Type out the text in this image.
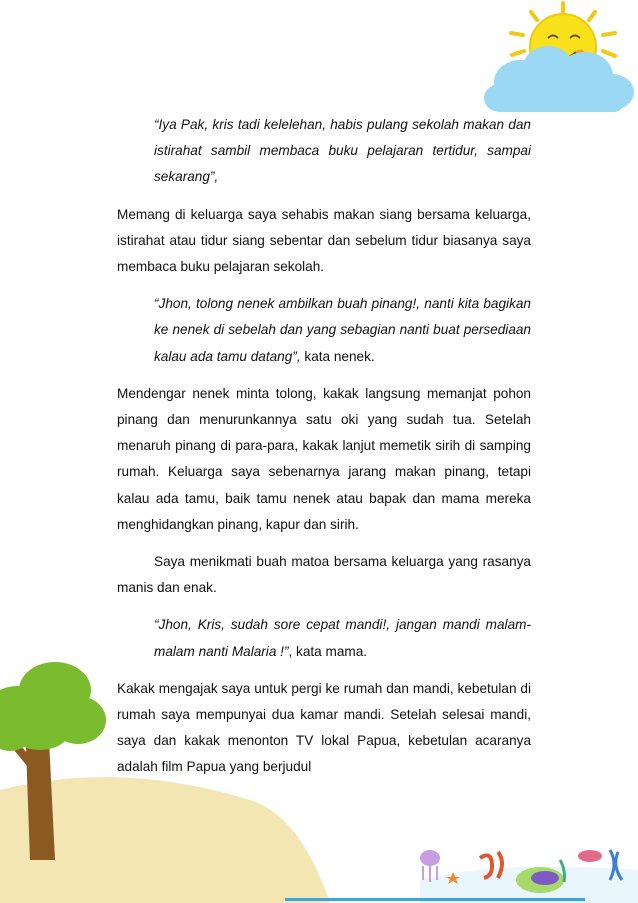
“Iya Pak, kris tadi kelelehan, habis pulang sekolah makan dan istirahat sambil membaca buku pelajaran tertidur, sampai sekarang”,

Memang di keluarga saya sehabis makan siang bersama keluarga, istirahat atau tidur siang sebentar dan sebelum tidur biasanya saya membaca buku pelajaran sekolah.

“Jhon, tolong nenek ambilkan buah pinang!, nanti kita bagikan ke nenek di sebelah dan yang sebagian nanti buat persediaan kalau ada tamu datang”, kata nenek.

Mendengar nenek minta tolong, kakak langsung memanjat pohon pinang dan menurunkannya satu oki yang sudah tua. Setelah menaruh pinang di para-para, kakak lanjut memetik sirih di samping rumah. Keluarga saya sebenarnya jarang makan pinang, tetapi kalau ada tamu, baik tamu nenek atau bapak dan mama mereka menghidangkan pinang, kapur dan sirih.

Saya menikmati buah matoa bersama keluarga yang rasanya manis dan enak.

“Jhon, Kris, sudah sore cepat mandi!, jangan mandi malam-malam nanti Malaria !”, kata mama.

Kakak mengajak saya untuk pergi ke rumah dan mandi, kebetulan di rumah saya mempunyai dua kamar mandi. Setelah selesai mandi, saya dan kakak menonton TV lokal Papua, kebetulan acaranya adalah film Papua yang berjudul
